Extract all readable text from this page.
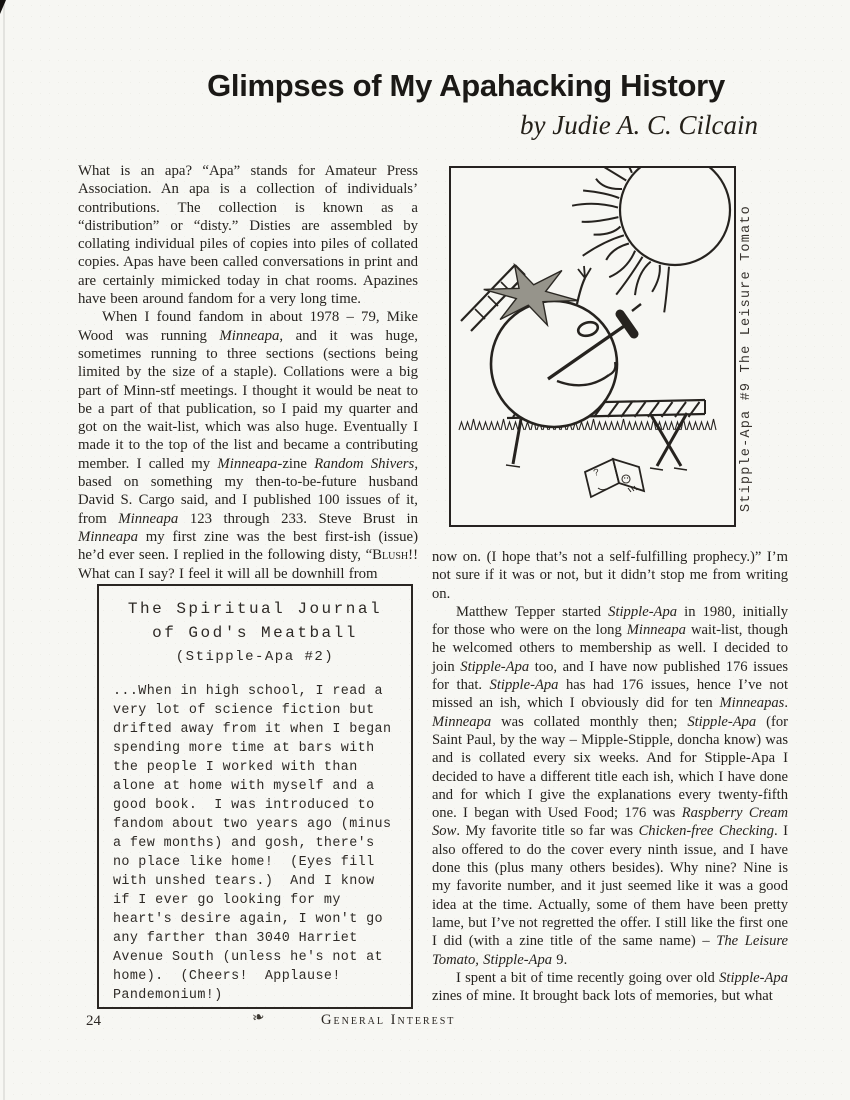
Glimpses of My Apahacking History
by Judie A. C. Cilcain

What is an apa? “Apa” stands for Amateur Press Association. An apa is a collection of individuals’ contributions. The collection is known as a “distribution” or “disty.” Disties are assembled by collating individual piles of copies into piles of collated copies. Apas have been called conversations in print and are certainly mimicked today in chat rooms. Apazines have been around fandom for a very long time.

When I found fandom in about 1978 – 79, Mike Wood was running Minneapa, and it was huge, sometimes running to three sections (sections being limited by the size of a staple). Collations were a big part of Minn-stf meetings. I thought it would be neat to be a part of that publication, so I paid my quarter and got on the wait-list, which was also huge. Eventually I made it to the top of the list and became a contributing member. I called my Minneapa-zine Random Shivers, based on something my then-to-be-future husband David S. Cargo said, and I published 100 issues of it, from Minneapa 123 through 233. Steve Brust in Minneapa my first zine was the best first-ish (issue) he’d ever seen. I replied in the following disty, “Blush!! What can I say? I feel it will all be downhill from

?	Stipple-Apa #9 The Leisure Tomato
The Spiritual Journal
of God's Meatball
(Stipple-Apa #2)
...When in high school, I read a very lot of science fiction but drifted away from it when I began spending more time at bars with the people I worked with than alone at home with myself and a good book.  I was introduced to fandom about two years ago (minus a few months) and gosh, there's no place like home!  (Eyes fill with unshed tears.)  And I know if I ever go looking for my heart's desire again, I won't go any farther than 3040 Harriet Avenue South (unless he's not at home).  (Cheers!  Applause!  Pandemonium!)

now on. (I hope that’s not a self-fulfilling prophecy.)” I’m not sure if it was or not, but it didn’t stop me from writing on.

Matthew Tepper started Stipple-Apa in 1980, initially for those who were on the long Minneapa wait-list, though he welcomed others to membership as well. I decided to join Stipple-Apa too, and I have now published 176 issues for that. Stipple-Apa has had 176 issues, hence I’ve not missed an ish, which I obviously did for ten Minneapas. Minneapa was collated monthly then; Stipple-Apa (for Saint Paul, by the way – Mipple-Stipple, doncha know) was and is collated every six weeks. And for Stipple-Apa I decided to have a different title each ish, which I have done and for which I give the explanations every twenty-fifth one. I began with Used Food; 176 was Raspberry Cream Sow. My favorite title so far was Chicken-free Checking. I also offered to do the cover every ninth issue, and I have done this (plus many others besides). Why nine? Nine is my favorite number, and it just seemed like it was a good idea at the time. Actually, some of them have been pretty lame, but I’ve not regretted the offer. I still like the first one I did (with a zine title of the same name) – The Leisure Tomato, Stipple-Apa 9.

I spent a bit of time recently going over old Stipple-Apa zines of mine. It brought back lots of memories, but what

24	❧	General Interest
